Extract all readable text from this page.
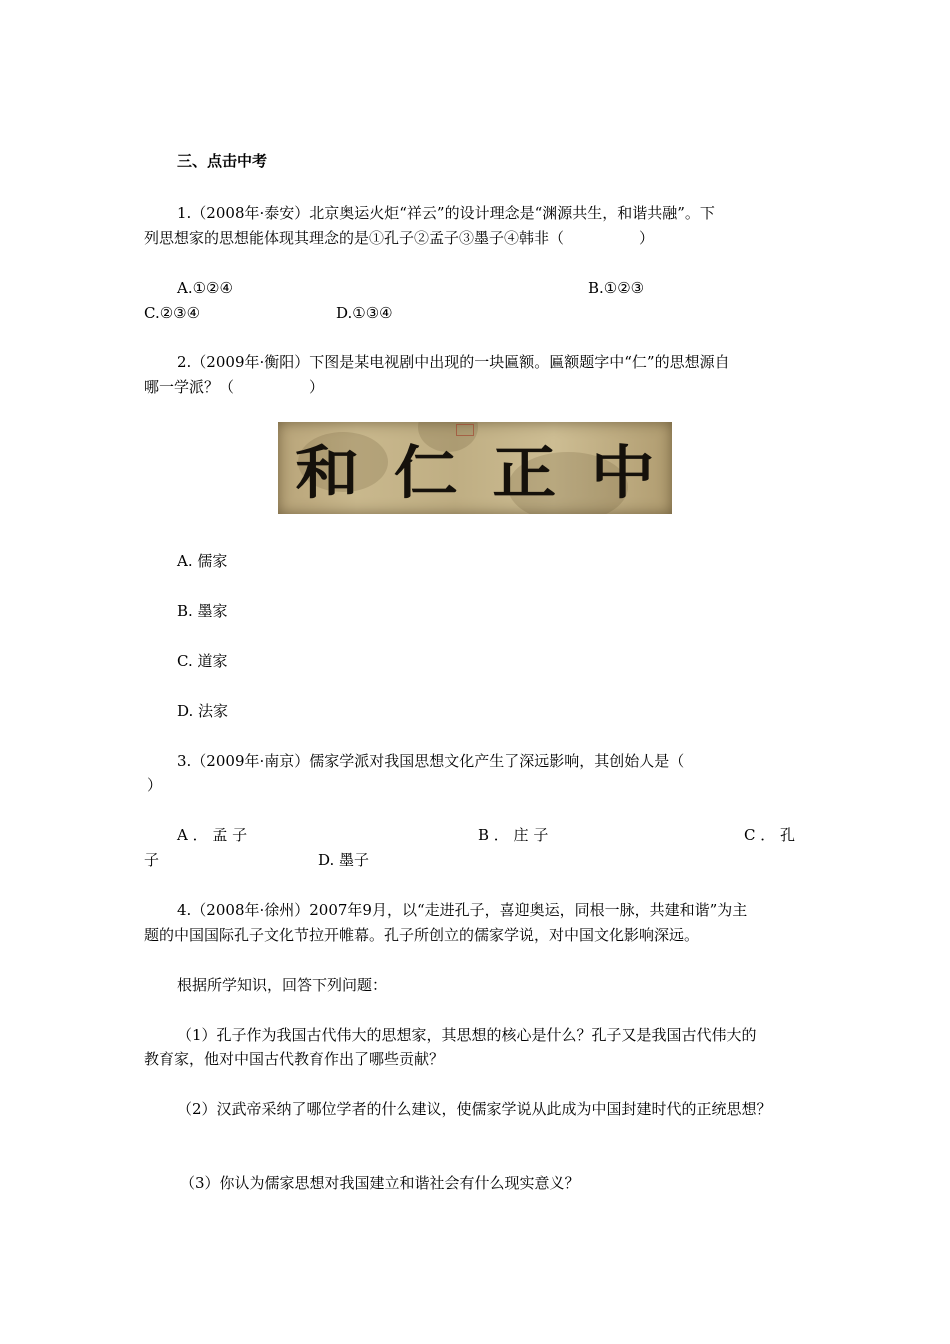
三、点击中考
1.（2008年·泰安）北京奥运火炬“祥云”的设计理念是“渊源共生，和谐共融”。下
列思想家的思想能体现其理念的是①孔子②孟子③墨子④韩非（　　　　　）
A.①②④	B.①②③
C.②③④	D.①③④
2.（2009年·衡阳）下图是某电视剧中出现的一块匾额。匾额题字中“仁”的思想源自
哪一学派？（　　　　　）
和 仁 正 中
A. 儒家
B. 墨家
C. 道家
D. 法家
3.（2009年·南京）儒家学派对我国思想文化产生了深远影响，其创始人是（
）
A ． 孟 子	B ． 庄 子	C ． 孔
子	D. 墨子
4.（2008年·徐州）2007年9月，以“走进孔子，喜迎奥运，同根一脉，共建和谐”为主
题的中国国际孔子文化节拉开帷幕。孔子所创立的儒家学说，对中国文化影响深远。
根据所学知识，回答下列问题：
（1）孔子作为我国古代伟大的思想家，其思想的核心是什么？孔子又是我国古代伟大的
教育家，他对中国古代教育作出了哪些贡献？
（2）汉武帝采纳了哪位学者的什么建议，使儒家学说从此成为中国封建时代的正统思想？
（3）你认为儒家思想对我国建立和谐社会有什么现实意义？
